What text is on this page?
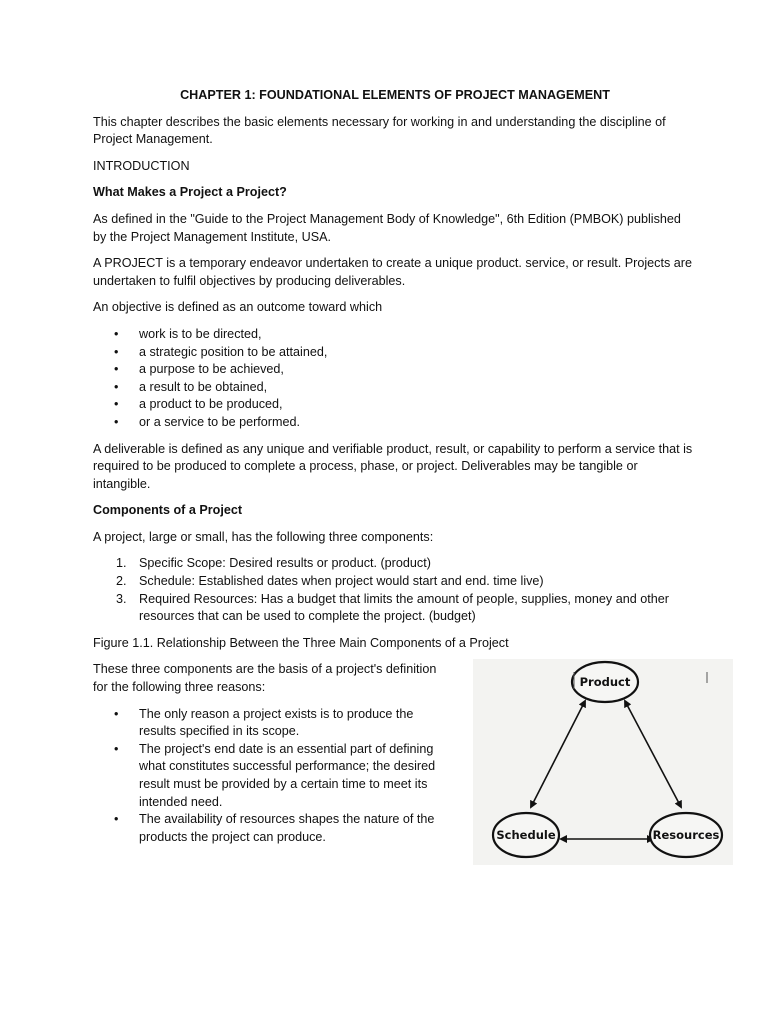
CHAPTER 1: FOUNDATIONAL ELEMENTS OF PROJECT MANAGEMENT

This chapter describes the basic elements necessary for working in and understanding the discipline of Project Management.

INTRODUCTION

What Makes a Project a Project?

As defined in the "Guide to the Project Management Body of Knowledge", 6th Edition (PMBOK) published by the Project Management Institute, USA.

A PROJECT is a temporary endeavor undertaken to create a unique product. service, or result. Projects are undertaken to fulfil objectives by producing deliverables.

An objective is defined as an outcome toward which

• work is to be directed,
• a strategic position to be attained,
• a purpose to be achieved,
• a result to be obtained,
• a product to be produced,
• or a service to be performed.

A deliverable is defined as any unique and verifiable product, result, or capability to perform a service that is required to be produced to complete a process, phase, or project. Deliverables may be tangible or intangible.

Components of a Project

A project, large or small, has the following three components:

1. Specific Scope: Desired results or product. (product)
2. Schedule: Established dates when project would start and end. time live)
3. Required Resources: Has a budget that limits the amount of people, supplies, money and other resources that can be used to complete the project. (budget)

Figure 1.1. Relationship Between the Three Main Components of a Project

These three components are the basis of a project's definition for the following three reasons:

• The only reason a project exists is to produce the results specified in its scope.
• The project's end date is an essential part of defining what constitutes successful performance; the desired result must be provided by a certain time to meet its intended need.
• The availability of resources shapes the nature of the products the project can produce.
Product
Schedule	Resources
